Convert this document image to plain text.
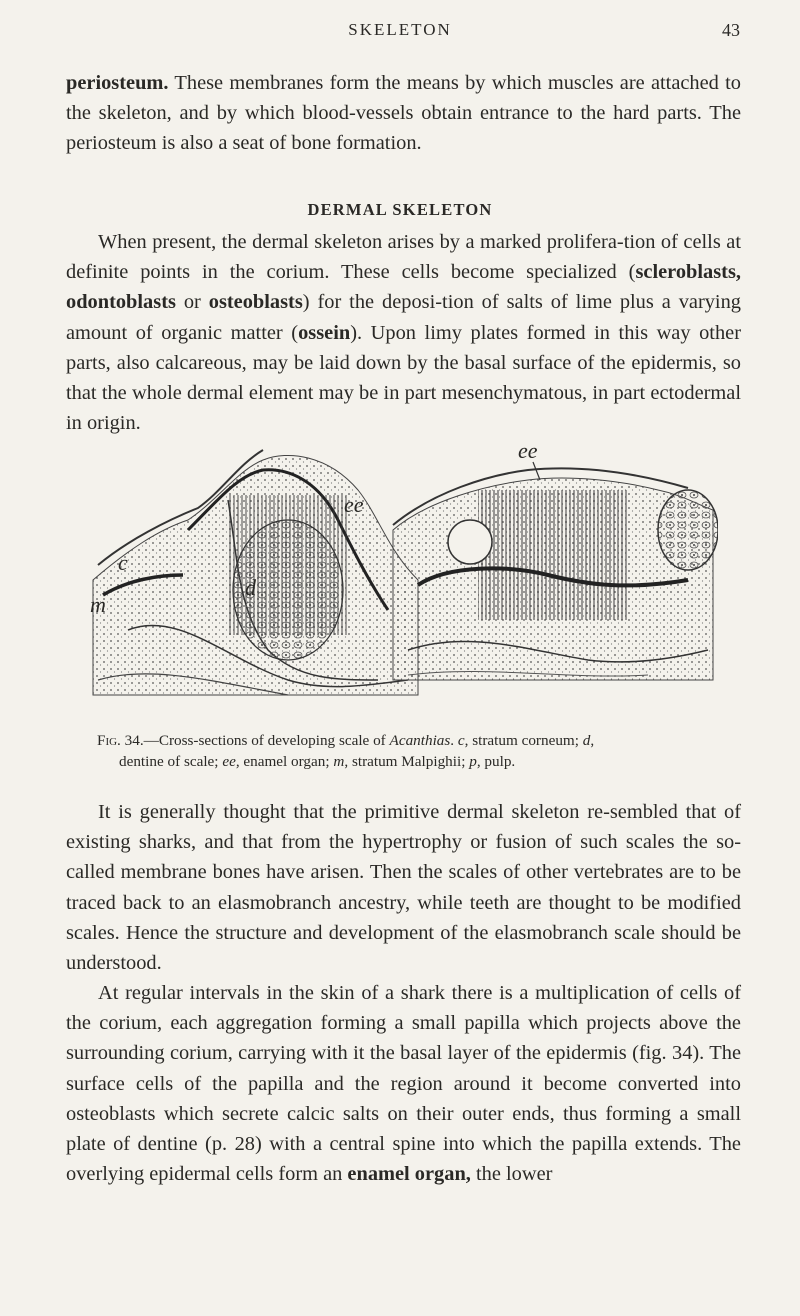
SKELETON	43

periosteum. These membranes form the means by which muscles are attached to the skeleton, and by which blood-vessels obtain entrance to the hard parts. The periosteum is also a seat of bone formation.

DERMAL SKELETON

When present, the dermal skeleton arises by a marked prolifera-tion of cells at definite points in the corium. These cells become specialized (scleroblasts, odontoblasts or osteoblasts) for the deposi-tion of salts of lime plus a varying amount of organic matter (ossein). Upon limy plates formed in this way other parts, also calcareous, may be laid down by the basal surface of the epidermis, so that the whole dermal element may be in part mesenchymatous, in part ectodermal in origin.

c
m
d
ee
ee
Fig. 34.—Cross-sections of developing scale of Acanthias. c, stratum corneum; d,
dentine of scale; ee, enamel organ; m, stratum Malpighii; p, pulp.

It is generally thought that the primitive dermal skeleton re-sembled that of existing sharks, and that from the hypertrophy or fusion of such scales the so-called membrane bones have arisen. Then the scales of other vertebrates are to be traced back to an elasmobranch ancestry, while teeth are thought to be modified scales. Hence the structure and development of the elasmobranch scale should be understood.

At regular intervals in the skin of a shark there is a multiplication of cells of the corium, each aggregation forming a small papilla which projects above the surrounding corium, carrying with it the basal layer of the epidermis (fig. 34). The surface cells of the papilla and the region around it become converted into osteoblasts which secrete calcic salts on their outer ends, thus forming a small plate of dentine (p. 28) with a central spine into which the papilla extends. The overlying epidermal cells form an enamel organ, the lower
